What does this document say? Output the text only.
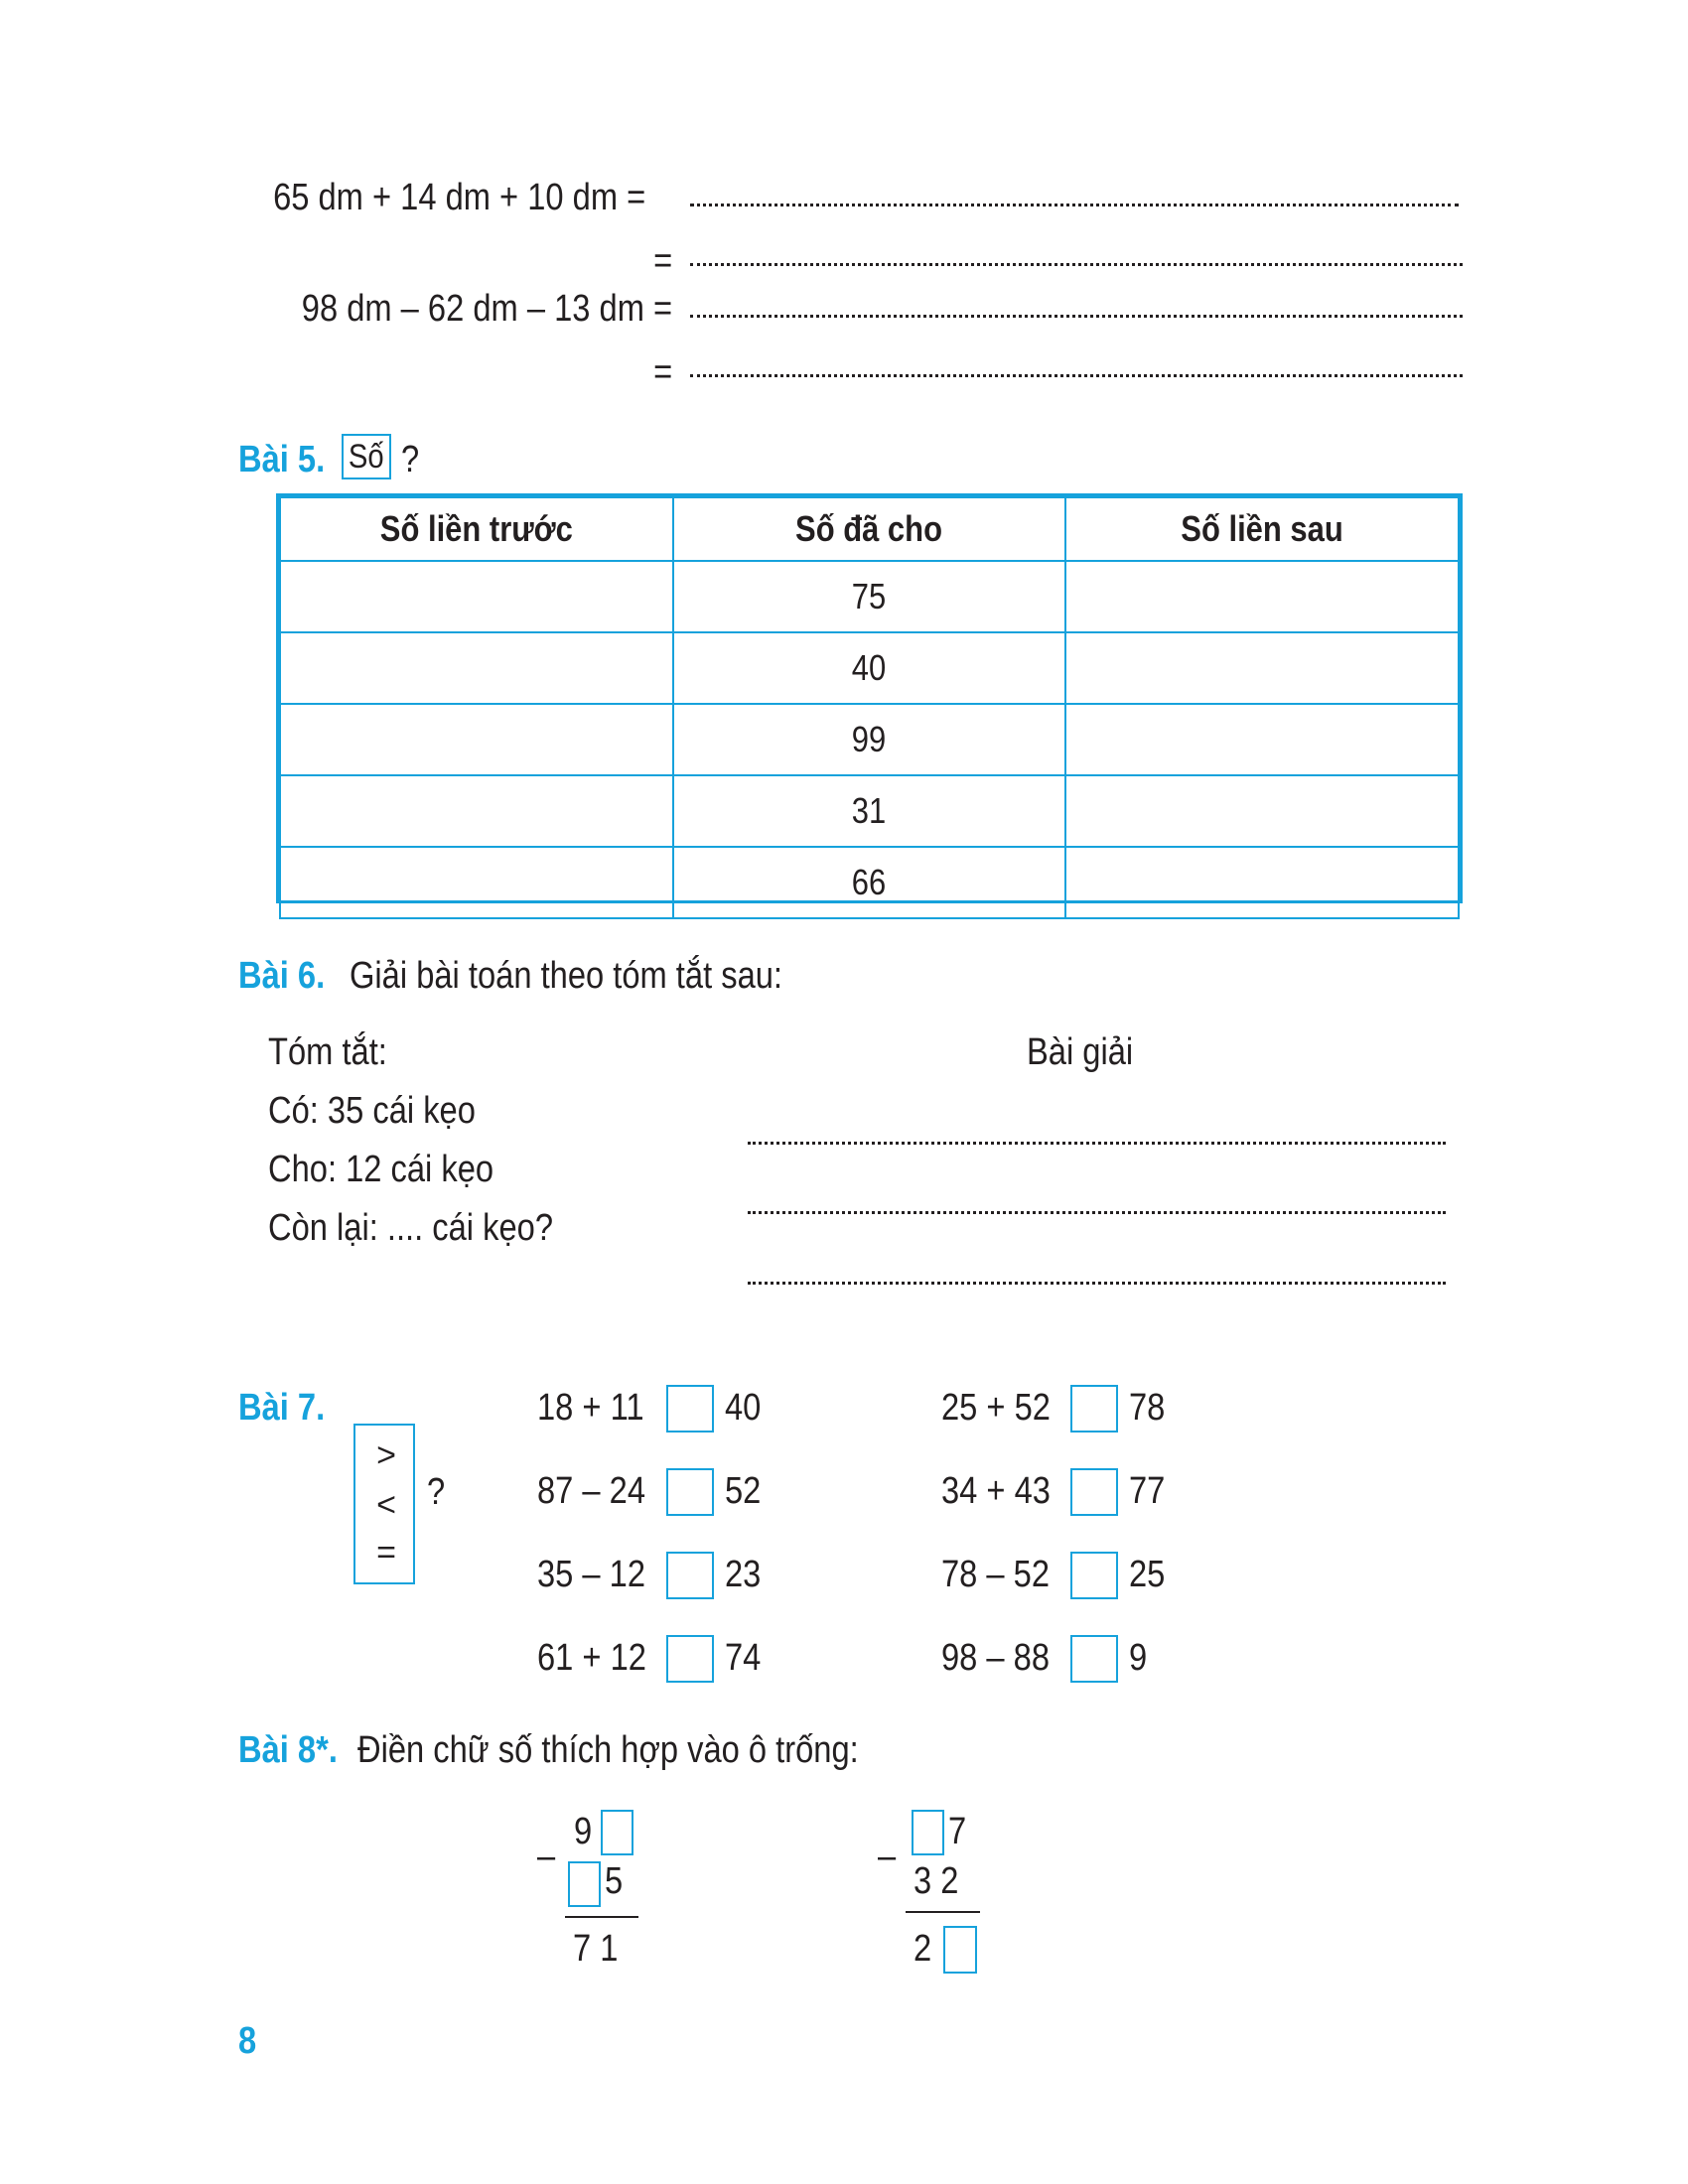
65 dm + 14 dm + 10 dm =
=
98 dm – 62 dm – 13 dm =
=
Bài 5. Số ?
Số liền trước	Số đã cho	Số liền sau
	75	
	40	
	99	
	31	
	66	
Bài 6. Giải bài toán theo tóm tắt sau:
Tóm tắt:	Bài giải
Có: 35 cái kẹo
Cho: 12 cái kẹo
Còn lại: .... cái kẹo?
Bài 7.
>
<
=
?
18 + 11 40
87 – 24 52
35 – 12 23
61 + 12 74
25 + 52 78
34 + 43 77
78 – 52 25
98 – 88 9
Bài 8*. Điền chữ số thích hợp vào ô trống:
–
9
5
7 1
–
7
3 2
2
8
